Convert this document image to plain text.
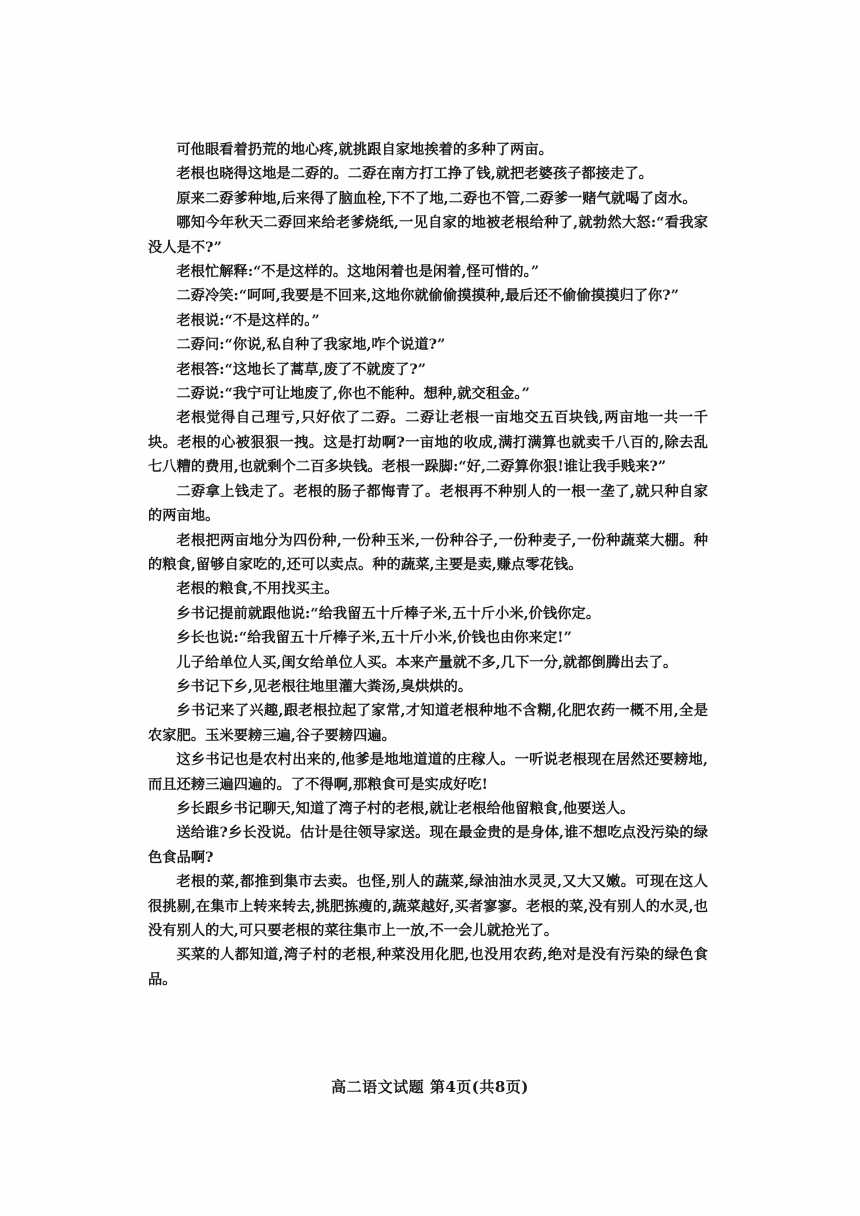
可他眼看着扔荒的地心疼,就挑跟自家地挨着的多种了两亩。

老根也晓得这地是二孬的。二孬在南方打工挣了钱,就把老婆孩子都接走了。

原来二孬爹种地,后来得了脑血栓,下不了地,二孬也不管,二孬爹一赌气就喝了卤水。

哪知今年秋天二孬回来给老爹烧纸,一见自家的地被老根给种了,就勃然大怒:“看我家没人是不?”

老根忙解释:“不是这样的。这地闲着也是闲着,怪可惜的。”

二孬冷笑:“呵呵,我要是不回来,这地你就偷偷摸摸种,最后还不偷偷摸摸归了你?”

老根说:“不是这样的。”

二孬问:“你说,私自种了我家地,咋个说道?”

老根答:“这地长了蒿草,废了不就废了?”

二孬说:“我宁可让地废了,你也不能种。想种,就交租金。”

老根觉得自己理亏,只好依了二孬。二孬让老根一亩地交五百块钱,两亩地一共一千块。老根的心被狠狠一拽。这是打劫啊?一亩地的收成,满打满算也就卖千八百的,除去乱七八糟的费用,也就剩个二百多块钱。老根一跺脚:“好,二孬算你狠!谁让我手贱来?”

二孬拿上钱走了。老根的肠子都悔青了。老根再不种别人的一根一垄了,就只种自家的两亩地。

老根把两亩地分为四份种,一份种玉米,一份种谷子,一份种麦子,一份种蔬菜大棚。种的粮食,留够自家吃的,还可以卖点。种的蔬菜,主要是卖,赚点零花钱。

老根的粮食,不用找买主。

乡书记提前就跟他说:“给我留五十斤棒子米,五十斤小米,价钱你定。

乡长也说:“给我留五十斤棒子米,五十斤小米,价钱也由你来定!”

儿子给单位人买,闺女给单位人买。本来产量就不多,几下一分,就都倒腾出去了。

乡书记下乡,见老根往地里灌大粪汤,臭烘烘的。

乡书记来了兴趣,跟老根拉起了家常,才知道老根种地不含糊,化肥农药一概不用,全是农家肥。玉米要耪三遍,谷子要耪四遍。

这乡书记也是农村出来的,他爹是地地道道的庄稼人。一听说老根现在居然还要耪地,而且还耪三遍四遍的。了不得啊,那粮食可是实成好吃!

乡长跟乡书记聊天,知道了湾子村的老根,就让老根给他留粮食,他要送人。

送给谁?乡长没说。估计是往领导家送。现在最金贵的是身体,谁不想吃点没污染的绿色食品啊?

老根的菜,都推到集市去卖。也怪,别人的蔬菜,绿油油水灵灵,又大又嫩。可现在这人很挑剔,在集市上转来转去,挑肥拣瘦的,蔬菜越好,买者寥寥。老根的菜,没有别人的水灵,也没有别人的大,可只要老根的菜往集市上一放,不一会儿就抢光了。

买菜的人都知道,湾子村的老根,种菜没用化肥,也没用农药,绝对是没有污染的绿色食品。

高二语文试题 第4页(共8页)
